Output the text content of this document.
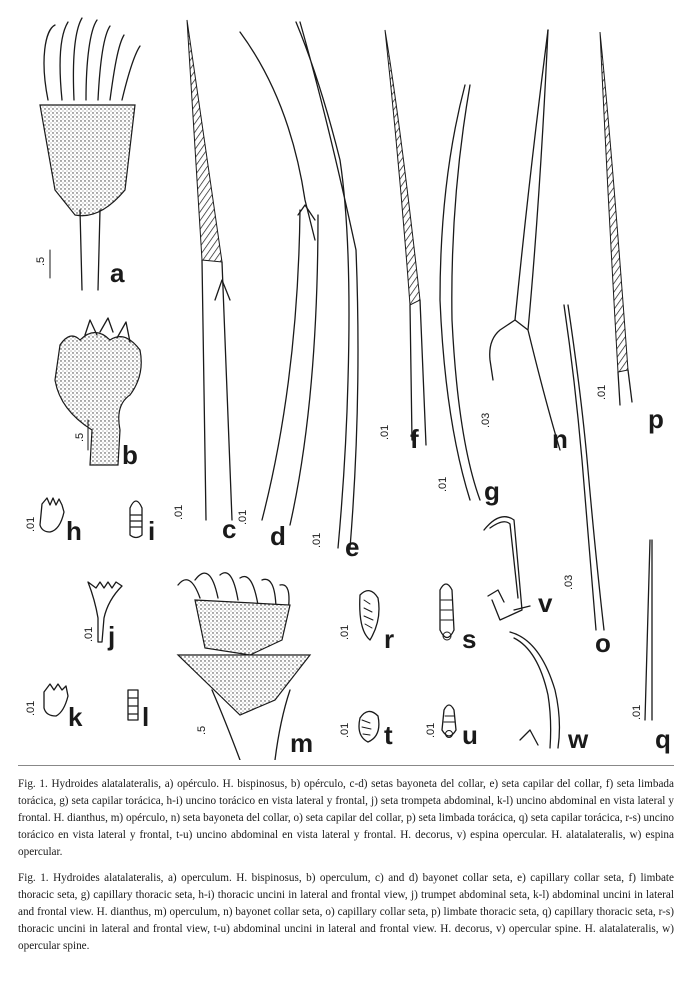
.5 a
.5
b
.01
c .01
d .01 e
.01 f
.01 g
.03
n
.01
p
.03
o
.01
q
.01 h	i
.01 j
.01 k l	.5	m
.01 r	s
.01 t	.01 u
v
w

Fig. 1. Hydroides alatalateralis, a) opérculo. H. bispinosus, b) opérculo, c-d) setas bayoneta del collar, e) seta capilar del collar, f) seta limbada torácica, g) seta capilar torácica, h-i) uncino torácico en vista lateral y frontal, j) seta trompeta abdominal, k-l) uncino abdominal en vista lateral y frontal. H. dianthus, m) opérculo, n) seta bayoneta del collar, o) seta capilar del collar, p) seta limbada torácica, q) seta capilar torácica, r-s) uncino torácico en vista lateral y frontal, t-u) uncino abdominal en vista lateral y frontal. H. decorus, v) espina opercular. H. alatalateralis, w) espina opercular.

Fig. 1. Hydroides alatalateralis, a) operculum. H. bispinosus, b) operculum, c) and d) bayonet collar seta, e) capillary collar seta, f) limbate thoracic seta, g) capillary thoracic seta, h-i) thoracic uncini in lateral and frontal view, j) trumpet abdominal seta, k-l) abdominal uncini in lateral and frontal view. H. dianthus, m) operculum, n) bayonet collar seta, o) capillary collar seta, p) limbate thoracic seta, q) capillary thoracic seta, r-s) thoracic uncini in lateral and frontal view, t-u) abdominal uncini in lateral and frontal view. H. decorus, v) opercular spine. H. alatalateralis, w) opercular spine.
